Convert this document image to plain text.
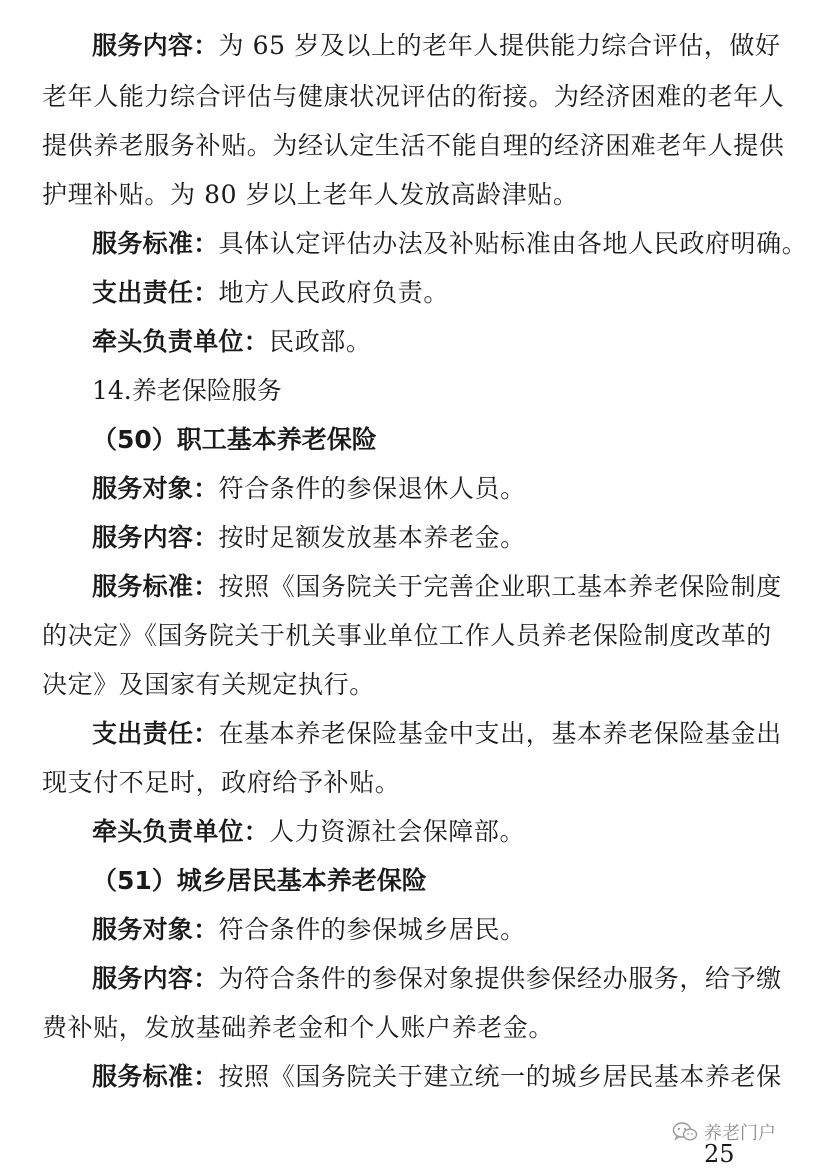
服务内容：为 65 岁及以上的老年人提供能力综合评估，做好
老年人能力综合评估与健康状况评估的衔接。为经济困难的老年人
提供养老服务补贴。为经认定生活不能自理的经济困难老年人提供
护理补贴。为 80 岁以上老年人发放高龄津贴。
服务标准：具体认定评估办法及补贴标准由各地人民政府明确。
支出责任：地方人民政府负责。
牵头负责单位：民政部。
14.养老保险服务
（50）职工基本养老保险
服务对象：符合条件的参保退休人员。
服务内容：按时足额发放基本养老金。
服务标准：按照《国务院关于完善企业职工基本养老保险制度
的决定》《国务院关于机关事业单位工作人员养老保险制度改革的
决定》及国家有关规定执行。
支出责任：在基本养老保险基金中支出，基本养老保险基金出
现支付不足时，政府给予补贴。
牵头负责单位：人力资源社会保障部。
（51）城乡居民基本养老保险
服务对象：符合条件的参保城乡居民。
服务内容：为符合条件的参保对象提供参保经办服务，给予缴
费补贴，发放基础养老金和个人账户养老金。
服务标准：按照《国务院关于建立统一的城乡居民基本养老保
25
养老门户
